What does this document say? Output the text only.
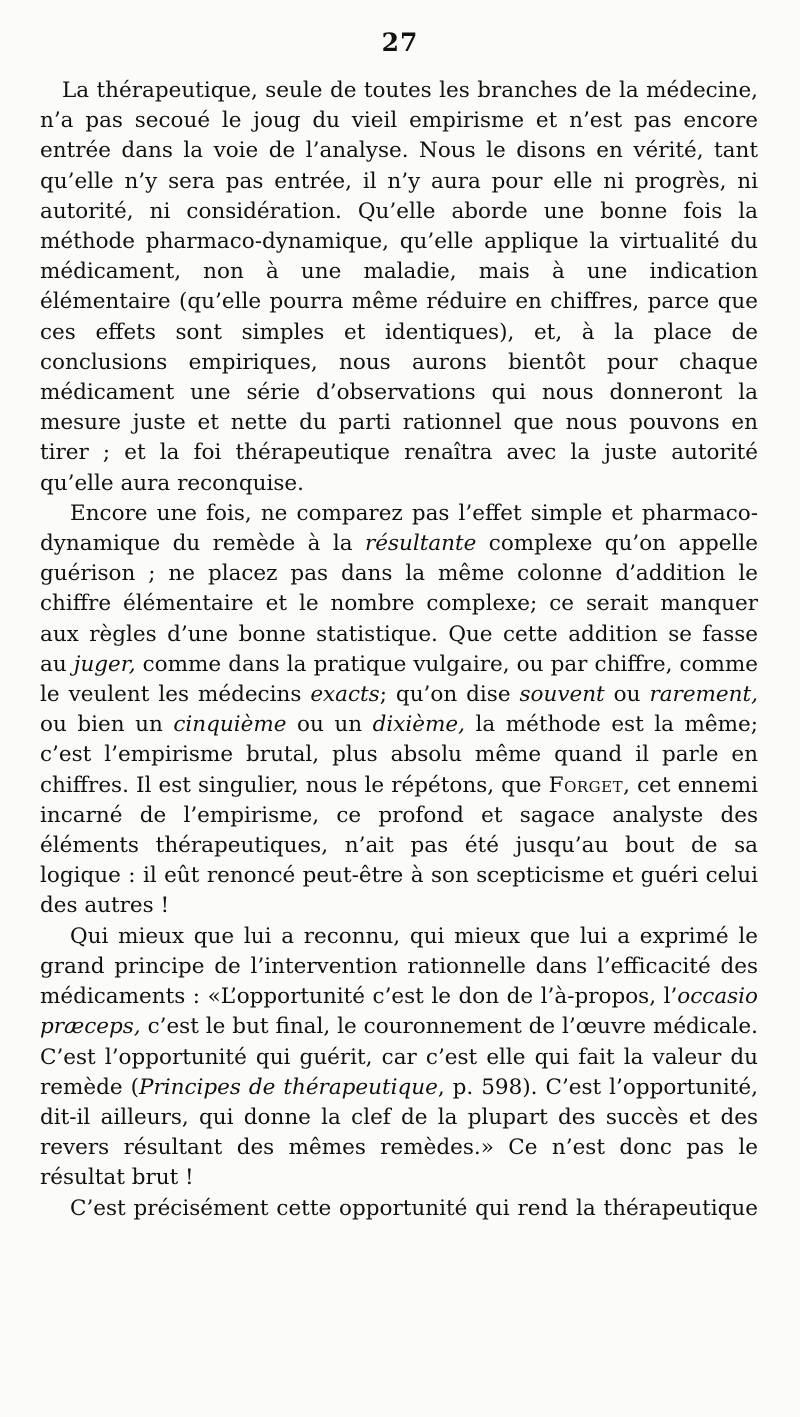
27

La thérapeutique, seule de toutes les branches de la médecine, n’a pas secoué le joug du vieil empirisme et n’est pas encore entrée dans la voie de l’analyse. Nous le disons en vérité, tant qu’elle n’y sera pas entrée, il n’y aura pour elle ni progrès, ni autorité, ni considération. Qu’elle aborde une bonne fois la méthode pharmaco-dynamique, qu’elle applique la virtualité du médicament, non à une maladie, mais à une indication élémentaire (qu’elle pourra même réduire en chiffres, parce que ces effets sont simples et identiques), et, à la place de conclusions empiriques, nous aurons bientôt pour chaque médicament une série d’observations qui nous donneront la mesure juste et nette du parti rationnel que nous pouvons en tirer ; et la foi thérapeutique renaîtra avec la juste autorité qu’elle aura reconquise.

Encore une fois, ne comparez pas l’effet simple et pharmaco-dynamique du remède à la résultante complexe qu’on appelle guérison ; ne placez pas dans la même colonne d’addition le chiffre élémentaire et le nombre complexe; ce serait manquer aux règles d’une bonne statistique. Que cette addition se fasse au juger, comme dans la pratique vulgaire, ou par chiffre, comme le veulent les médecins exacts; qu’on dise souvent ou rarement, ou bien un cinquième ou un dixième, la méthode est la même; c’est l’empirisme brutal, plus absolu même quand il parle en chiffres. Il est singulier, nous le répétons, que Forget, cet ennemi incarné de l’empirisme, ce profond et sagace analyste des éléments thérapeutiques, n’ait pas été jusqu’au bout de sa logique : il eût renoncé peut-être à son scepticisme et guéri celui des autres !

Qui mieux que lui a reconnu, qui mieux que lui a exprimé le grand principe de l’intervention rationnelle dans l’efficacité des médicaments : «L’opportunité c’est le don de l’à-propos, l’occasio præceps, c’est le but final, le couronnement de l’œuvre médicale. C’est l’opportunité qui guérit, car c’est elle qui fait la valeur du remède (Principes de thérapeutique, p. 598). C’est l’opportunité, dit-il ailleurs, qui donne la clef de la plupart des succès et des revers résultant des mêmes remèdes.» Ce n’est donc pas le résultat brut !

C’est précisément cette opportunité qui rend la thérapeutique
